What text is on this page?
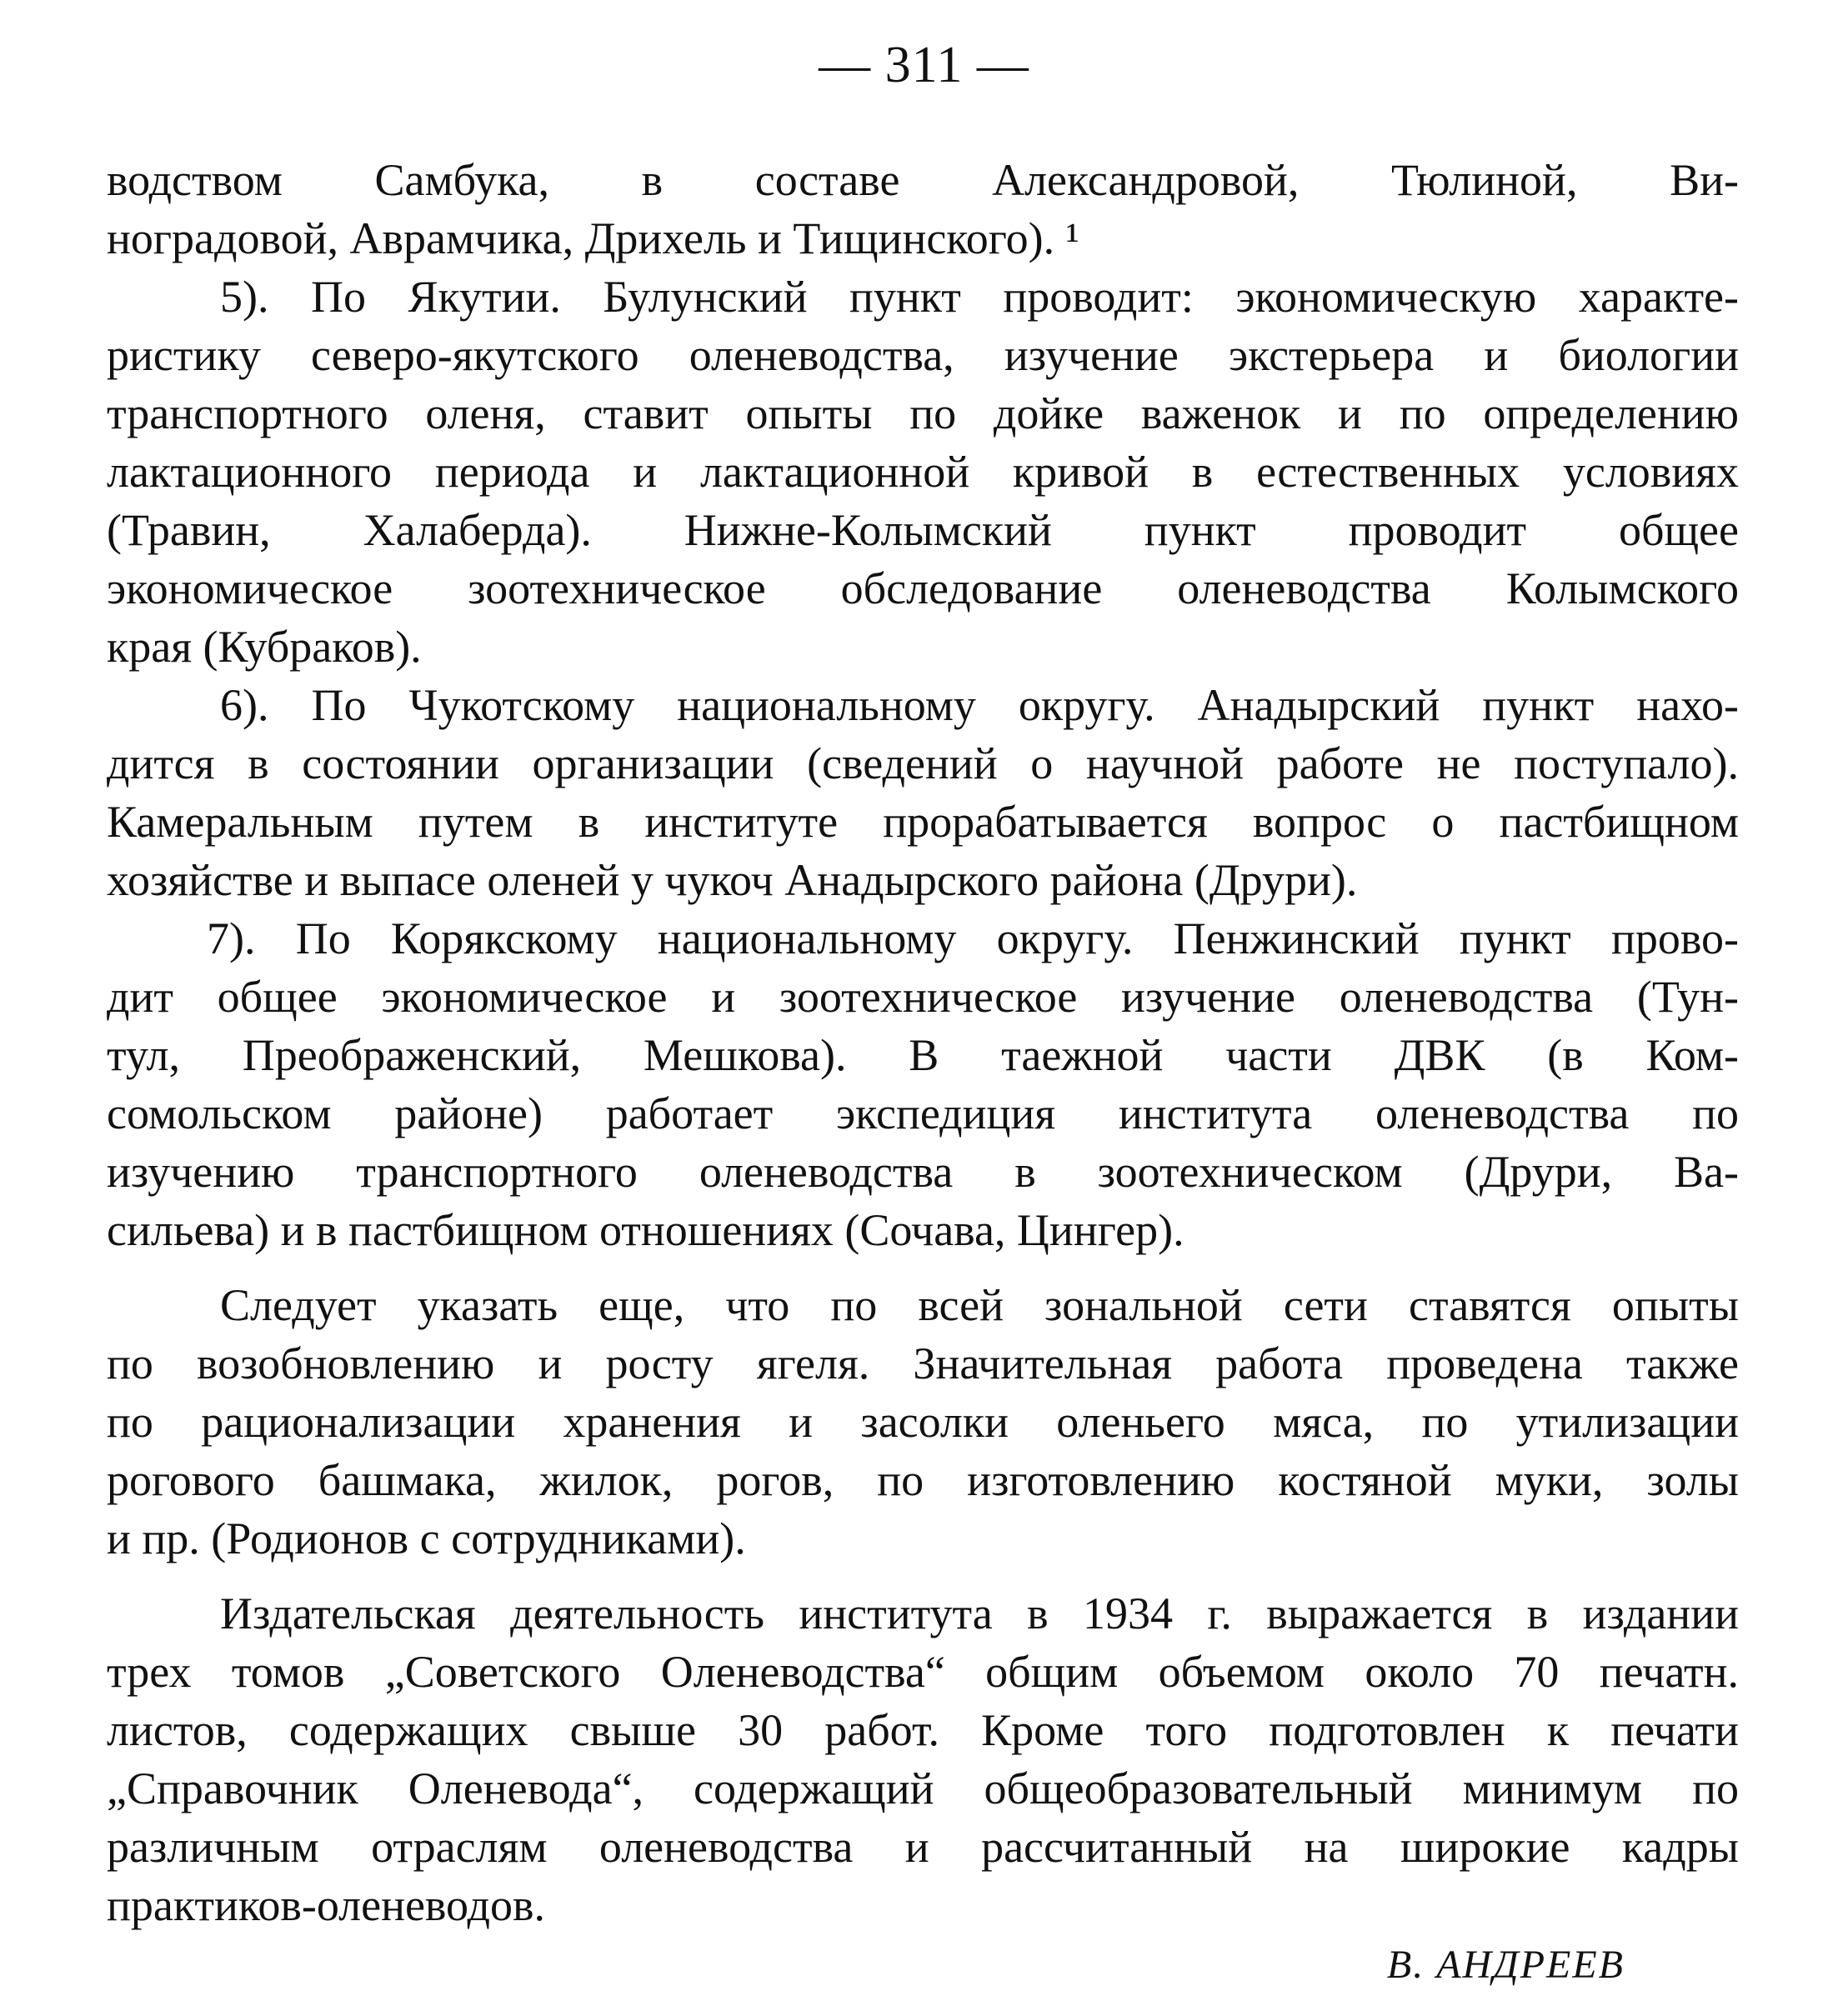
— 311 —
водством Самбука, в составе Александровой, Тюлиной, Ви-
ноградовой, Аврамчика, Дрихель и Тищинского). ¹
5). По Якутии. Булунский пункт проводит: экономическую характе-
ристику северо-якутского оленеводства, изучение экстерьера и биологии
транспортного оленя, ставит опыты по дойке важенок и по определению
лактационного периода и лактационной кривой в естественных условиях
(Травин, Халаберда). Нижне-Колымский пункт проводит общее
экономическое зоотехническое обследование оленеводства Колымского
края (Кубраков).
6). По Чукотскому национальному округу. Анадырский пункт нахо-
дится в состоянии организации (сведений о научной работе не поступало).
Камеральным путем в институте прорабатывается вопрос о пастбищном
хозяйстве и выпасе оленей у чукоч Анадырского района (Друри).
7). По Корякскому национальному округу. Пенжинский пункт прово-
дит общее экономическое и зоотехническое изучение оленеводства (Тун-
тул, Преображенский, Мешкова). В таежной части ДВК (в Ком-
сомольском районе) работает экспедиция института оленеводства по
изучению транспортного оленеводства в зоотехническом (Друри, Ва-
сильева) и в пастбищном отношениях (Сочава, Цингер).
Следует указать еще, что по всей зональной сети ставятся опыты
по возобновлению и росту ягеля. Значительная работа проведена также
по рационализации хранения и засолки оленьего мяса, по утилизации
рогового башмака, жилок, рогов, по изготовлению костяной муки, золы
и пр. (Родионов с сотрудниками).
Издательская деятельность института в 1934 г. выражается в издании
трех томов „Советского Оленеводства“ общим объемом около 70 печатн.
листов, содержащих свыше 30 работ. Кроме того подготовлен к печати
„Справочник Оленевода“, содержащий общеобразовательный минимум по
различным отраслям оленеводства и рассчитанный на широкие кадры
практиков-оленеводов.
В. АНДРЕЕВ
